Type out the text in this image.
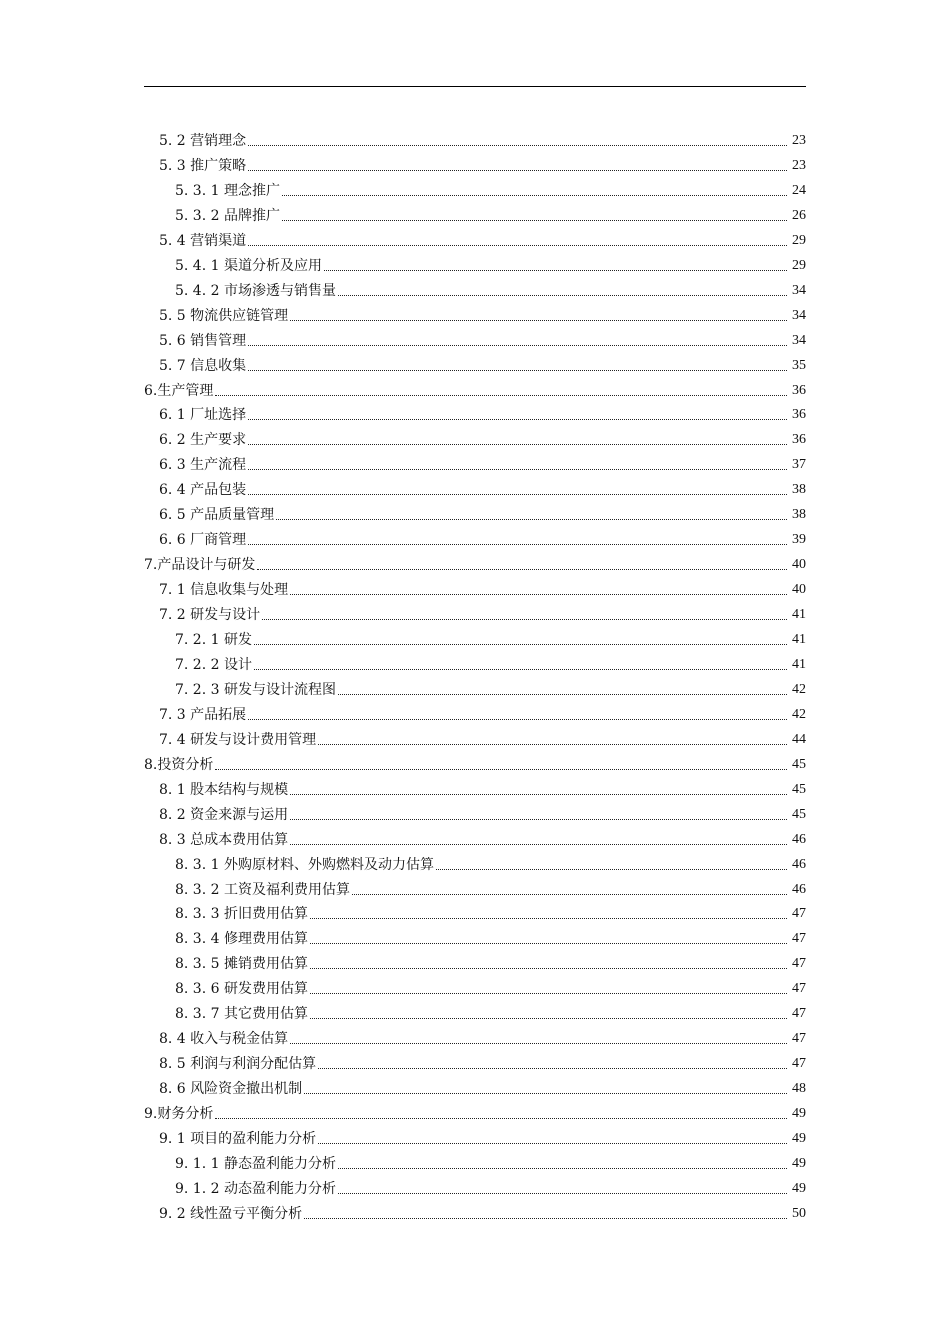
5. 2 营销理念	23
5. 3 推广策略	23
5. 3. 1 理念推广	24
5. 3. 2 品牌推广	26
5. 4 营销渠道	29
5. 4. 1 渠道分析及应用	29
5. 4. 2 市场渗透与销售量	34
5. 5 物流供应链管理	34
5. 6 销售管理	34
5. 7 信息收集	35
6.生产管理	36
6. 1 厂址选择	36
6. 2 生产要求	36
6. 3 生产流程	37
6. 4 产品包装	38
6. 5 产品质量管理	38
6. 6 厂商管理	39
7.产品设计与研发	40
7. 1 信息收集与处理	40
7. 2 研发与设计	41
7. 2. 1 研发	41
7. 2. 2 设计	41
7. 2. 3 研发与设计流程图	42
7. 3 产品拓展	42
7. 4 研发与设计费用管理	44
8.投资分析	45
8. 1 股本结构与规模	45
8. 2 资金来源与运用	45
8. 3 总成本费用估算	46
8. 3. 1 外购原材料、外购燃料及动力估算	46
8. 3. 2 工资及福利费用估算	46
8. 3. 3 折旧费用估算	47
8. 3. 4 修理费用估算	47
8. 3. 5 摊销费用估算	47
8. 3. 6 研发费用估算	47
8. 3. 7 其它费用估算	47
8. 4 收入与税金估算	47
8. 5 利润与利润分配估算	47
8. 6 风险资金撤出机制	48
9.财务分析	49
9. 1 项目的盈利能力分析	49
9. 1. 1 静态盈利能力分析	49
9. 1. 2 动态盈利能力分析	49
9. 2 线性盈亏平衡分析	50
